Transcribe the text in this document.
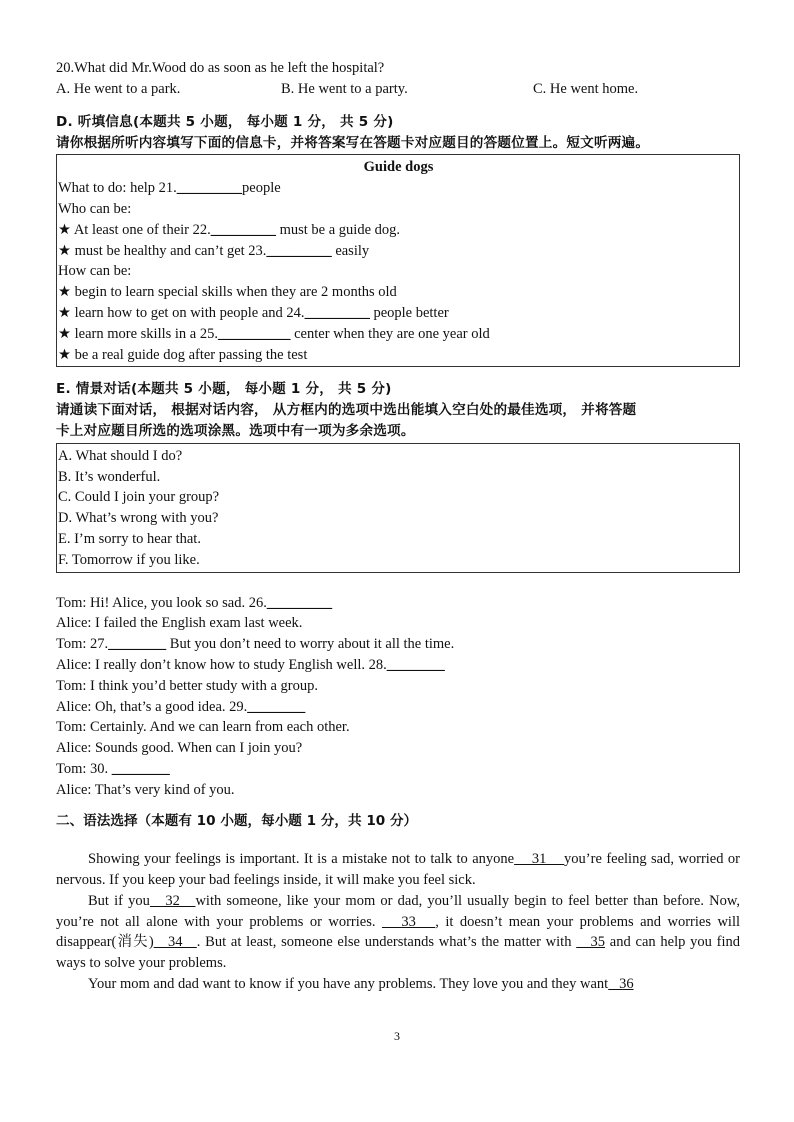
20.What did Mr.Wood do as soon as he left the hospital?
A. He went to a park.	B. He went to a party.	C. He went home.
D. 听填信息(本题共 5 小题， 每小题 1 分， 共 5 分)
请你根据所听内容填写下面的信息卡，并将答案写在答题卡对应题目的答题位置上。短文听两遍。
Guide dogs
What to do: help 21._________people
Who can be:
★ At least one of their 22._________ must be a guide dog.
★ must be healthy and can’t get 23._________ easily
How can be:
★ begin to learn special skills when they are 2 months old
★ learn how to get on with people and 24._________ people better
★ learn more skills in a 25.__________ center when they are one year old
★ be a real guide dog after passing the test
E. 情景对话(本题共 5 小题， 每小题 1 分， 共 5 分)
请通读下面对话， 根据对话内容， 从方框内的选项中选出能填入空白处的最佳选项， 并将答题
卡上对应题目所选的选项涂黑。选项中有一项为多余选项。
A. What should I do?
B. It’s wonderful.
C. Could I join your group?
D. What’s wrong with you?
E. I’m sorry to hear that.
F. Tomorrow if you like.
Tom: Hi! Alice, you look so sad. 26._________
Alice: I failed the English exam last week.
Tom: 27.________ But you don’t need to worry about it all the time.
Alice: I really don’t know how to study English well. 28.________
Tom: I think you’d better study with a group.
Alice: Oh, that’s a good idea. 29.________
Tom: Certainly. And we can learn from each other.
Alice: Sounds good. When can I join you?
Tom: 30. ________
Alice: That’s very kind of you.
二、语法选择（本题有 10 小题，每小题 1 分，共 10 分）
Showing your feelings is important. It is a mistake not to talk to anyone    31    you’re feeling sad, worried or nervous. If you keep your bad feelings inside, it will make you feel sick.
But if you   32   with someone, like your mom or dad, you’ll usually begin to feel better than before. Now, you’re not all alone with your problems or worries.    33   , it doesn’t mean your problems and worries will disappear(消失)   34   . But at least, someone else understands what’s the matter with    35 and can help you find ways to solve your problems.
Your mom and dad want to know if you have any problems. They love you and they want   36
3
